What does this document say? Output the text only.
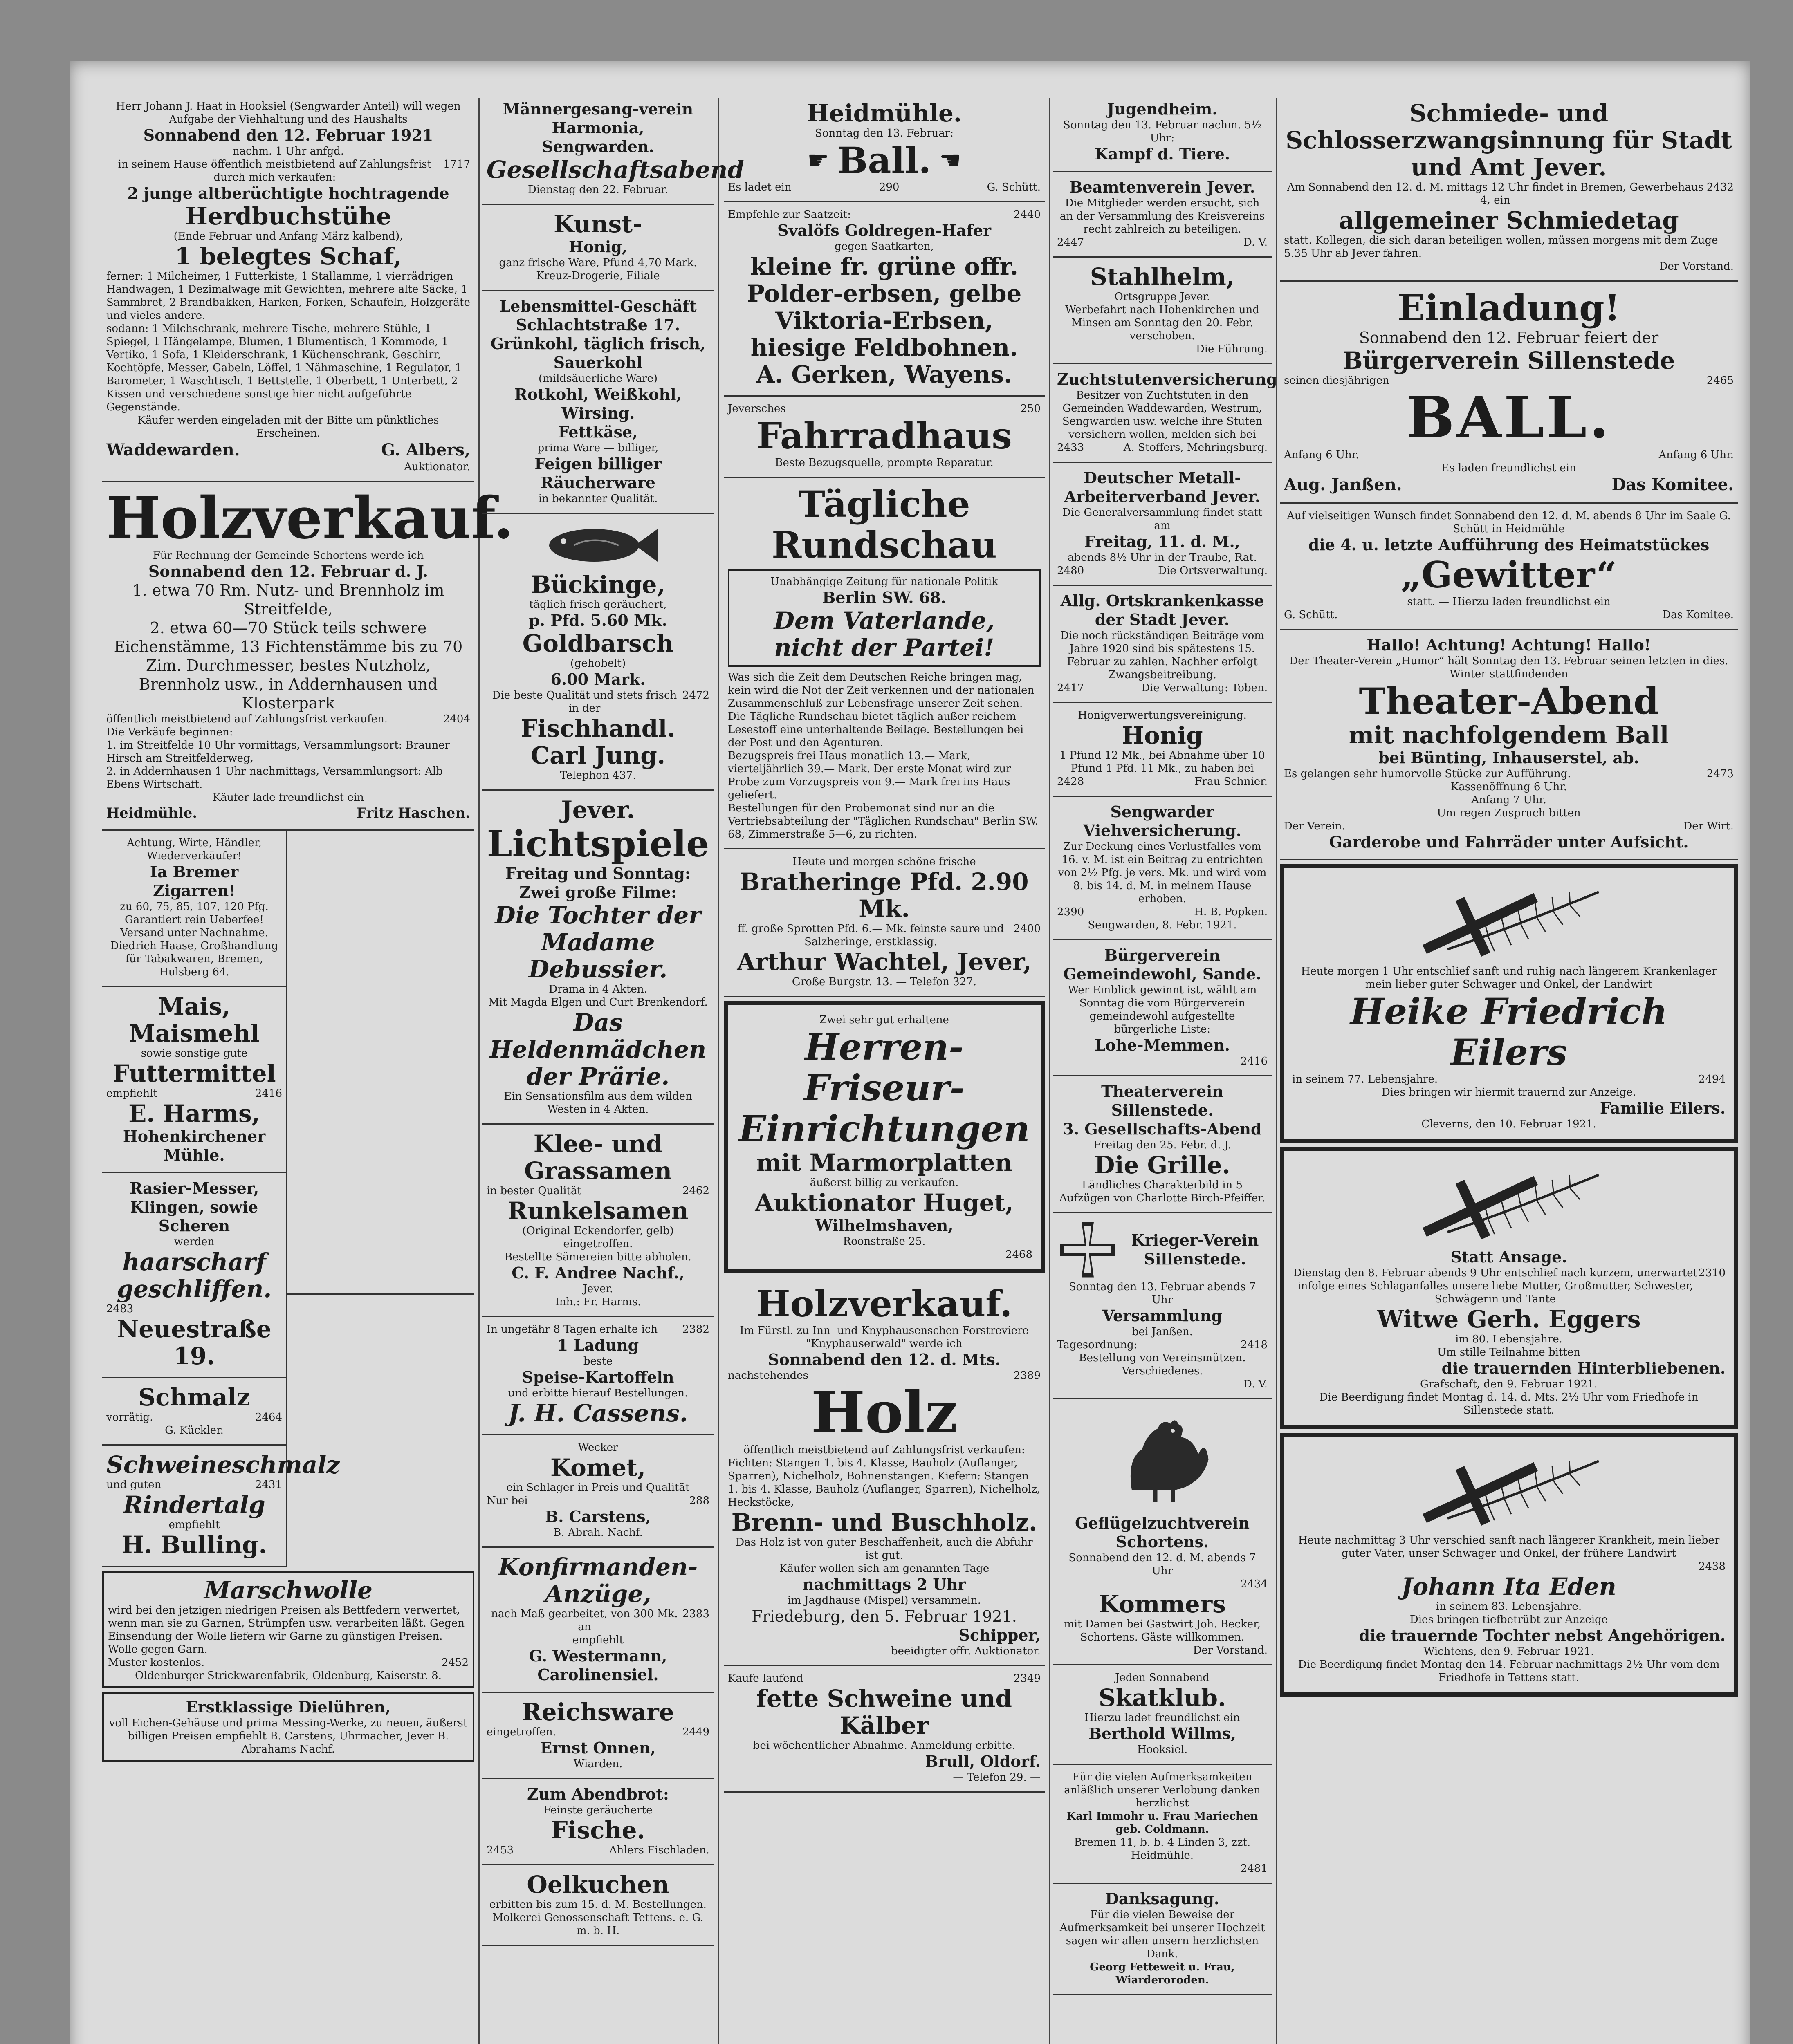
Herr Johann J. Haat in Hooksiel (Sengwarder Anteil) will wegen Aufgabe der Viehhaltung und des Haushalts
Sonnabend den 12. Februar 1921
nachm. 1 Uhr anfgd.
in seinem Hause öffentlich meistbietend auf Zahlungsfrist durch mich verkaufen:
1717
2 junge altberüchtigte hochtragende
Herdbuchstühe
(Ende Februar und Anfang März kalbend),
1 belegtes Schaf,
ferner: 1 Milcheimer, 1 Futterkiste, 1 Stallamme, 1 vierrädrigen Handwagen, 1 Dezimalwage mit Gewichten, mehrere alte Säcke, 1 Sammbret, 2 Brandbakken, Harken, Forken, Schaufeln, Holzgeräte und vieles andere.
sodann: 1 Milchschrank, mehrere Tische, mehrere Stühle, 1 Spiegel, 1 Hängelampe, Blumen, 1 Blumentisch, 1 Kommode, 1 Vertiko, 1 Sofa, 1 Kleiderschrank, 1 Küchenschrank, Geschirr, Kochtöpfe, Messer, Gabeln, Löffel, 1 Nähmaschine, 1 Regulator, 1 Barometer, 1 Waschtisch, 1 Bettstelle, 1 Oberbett, 1 Unterbett, 2 Kissen und verschiedene sonstige hier nicht aufgeführte Gegenstände.
Käufer werden eingeladen mit der Bitte um pünktliches Erscheinen.
Waddewarden.	G. Albers,
Auktionator.
Holzverkauf.
Für Rechnung der Gemeinde Schortens werde ich
Sonnabend den 12. Februar d. J.
1. etwa 70 Rm. Nutz- und Brennholz im Streitfelde,
2. etwa 60—70 Stück teils schwere Eichenstämme, 13 Fichtenstämme bis zu 70 Zim. Durchmesser, bestes Nutzholz, Brennholz usw., in Addernhausen und Klosterpark
öffentlich meistbietend auf Zahlungsfrist verkaufen.	2404
Die Verkäufe beginnen:
1. im Streitfelde 10 Uhr vormittags, Versammlungsort: Brauner Hirsch am Streitfelderweg,
2. in Addernhausen 1 Uhr nachmittags, Versammlungsort: Alb Ebens Wirtschaft.
Käufer lade freundlichst ein
Heidmühle.	Fritz Haschen.
Achtung, Wirte, Händler, Wiederverkäufer!
Ia Bremer Zigarren!
zu 60, 75, 85, 107, 120 Pfg. Garantiert rein Ueberfee! Versand unter Nachnahme.
Diedrich Haase, Großhandlung für Tabakwaren, Bremen, Hulsberg 64.
Mais, Maismehl
sowie sonstige gute
Futtermittel
empfiehlt	2416
E. Harms,
Hohenkirchener Mühle.
Rasier-Messer, Klingen, sowie Scheren
werden
haarscharf geschliffen.
2483
Neuestraße 19.
Schmalz
vorrätig.	2464
G. Kückler.
Schweineschmalz
und guten	2431
Rindertalg
empfiehlt
H. Bulling.
Marschwolle
wird bei den jetzigen niedrigen Preisen als Bettfedern verwertet, wenn man sie zu Garnen, Strümpfen usw. verarbeiten läßt. Gegen Einsendung der Wolle liefern wir Garne zu günstigen Preisen. Wolle gegen Garn.
Muster kostenlos.	2452
Oldenburger Strickwarenfabrik, Oldenburg, Kaiserstr. 8.
Erstklassige Dielühren,
voll Eichen-Gehäuse und prima Messing-Werke, zu neuen, äußerst billigen Preisen empfiehlt B. Carstens, Uhrmacher, Jever B. Abrahams Nachf.
Männergesang-verein Harmonia,
Sengwarden.
Gesellschaftsabend
Dienstag den 22. Februar.
Kunst-
Honig,
ganz frische Ware, Pfund 4,70 Mark. Kreuz-Drogerie, Filiale
Lebensmittel-Geschäft Schlachtstraße 17.
Grünkohl, täglich frisch,
Sauerkohl
(mildsäuerliche Ware)
Rotkohl, Weißkohl, Wirsing.
Fettkäse,
prima Ware — billiger,
Feigen billiger
Räucherware
in bekannter Qualität.
Bückinge,
täglich frisch geräuchert,
p. Pfd. 5.60 Mk.
Goldbarsch
(gehobelt)
6.00 Mark.
Die beste Qualität und stets frisch in der
2472
Fischhandl.
Carl Jung.
Telephon 437.
Jever.
Lichtspiele
Freitag und Sonntag:
Zwei große Filme:
Die Tochter der Madame Debussier.
Drama in 4 Akten.
Mit Magda Elgen und Curt Brenkendorf.
Das Heldenmädchen der Prärie.
Ein Sensationsfilm aus dem wilden Westen in 4 Akten.
Klee- und Grassamen
in bester Qualität	2462
Runkelsamen
(Original Eckendorfer, gelb) eingetroffen.
Bestellte Sämereien bitte abholen.
C. F. Andree Nachf.,
Jever.
Inh.: Fr. Harms.
In ungefähr 8 Tagen erhalte ich 2382
1 Ladung
beste
Speise-Kartoffeln
und erbitte hierauf Bestellungen.
J. H. Cassens.
Wecker
Komet,
ein Schlager in Preis und Qualität
Nur bei	288
B. Carstens,
B. Abrah. Nachf.
Konfirmanden-Anzüge,
nach Maß gearbeitet, von 300 Mk. an
2383
empfiehlt
G. Westermann,
Carolinensiel.
Reichsware
eingetroffen.	2449
Ernst Onnen,
Wiarden.
Zum Abendbrot:
Feinste geräucherte
Fische.
2453	Ahlers Fischladen.
Oelkuchen
erbitten bis zum 15. d. M. Bestellungen.
Molkerei-Genossenschaft Tettens. e. G. m. b. H.
Heidmühle.
Sonntag den 13. Februar:
☛ Ball. ☛
Es ladet ein	290	G. Schütt.
Empfehle zur Saatzeit:	2440
Svalöfs Goldregen-Hafer
gegen Saatkarten,
kleine fr. grüne offr. Polder-erbsen, gelbe Viktoria-Erbsen, hiesige Feldbohnen.
A. Gerken, Wayens.
Jeversches	250
Fahrradhaus
Beste Bezugsquelle, prompte Reparatur.
Tägliche Rundschau
Unabhängige Zeitung für nationale Politik
Berlin SW. 68.
Dem Vaterlande,
nicht der Partei!
Was sich die Zeit dem Deutschen Reiche bringen mag, kein wird die Not der Zeit verkennen und der nationalen Zusammenschluß zur Lebensfrage unserer Zeit sehen. Die Tägliche Rundschau bietet täglich außer reichem Lesestoff eine unterhaltende Beilage. Bestellungen bei der Post und den Agenturen.
Bezugspreis frei Haus monatlich 13.— Mark, vierteljährlich 39.— Mark. Der erste Monat wird zur Probe zum Vorzugspreis von 9.— Mark frei ins Haus geliefert.
Bestellungen für den Probemonat sind nur an die Vertriebsabteilung der "Täglichen Rundschau" Berlin SW. 68, Zimmerstraße 5—6, zu richten.
Heute und morgen schöne frische
Bratheringe Pfd. 2.90 Mk.
ff. große Sprotten Pfd. 6.— Mk. feinste saure und Salzheringe, erstklassig.
2400
Arthur Wachtel, Jever,
Große Burgstr. 13. — Telefon 327.
Zwei sehr gut erhaltene
Herren-Friseur-Einrichtungen
mit Marmorplatten
äußerst billig zu verkaufen.
Auktionator Huget,
Wilhelmshaven,
Roonstraße 25.
2468
Holzverkauf.
Im Fürstl. zu Inn- und Knyphausenschen Forstreviere "Knyphauserwald" werde ich
Sonnabend den 12. d. Mts.
nachstehendes	2389
Holz
öffentlich meistbietend auf Zahlungsfrist verkaufen:
Fichten: Stangen 1. bis 4. Klasse, Bauholz (Auflanger, Sparren), Nichelholz, Bohnenstangen. Kiefern: Stangen 1. bis 4. Klasse, Bauholz (Auflanger, Sparren), Nichelholz, Heckstöcke,
Brenn- und Buschholz.
Das Holz ist von guter Beschaffenheit, auch die Abfuhr ist gut.
Käufer wollen sich am genannten Tage
nachmittags 2 Uhr
im Jagdhause (Mispel) versammeln.
Friedeburg, den 5. Februar 1921.
Schipper,
beeidigter offr. Auktionator.
Kaufe laufend	2349
fette Schweine und Kälber
bei wöchentlicher Abnahme. Anmeldung erbitte.
Brull, Oldorf.
— Telefon 29. —
Jugendheim.
Sonntag den 13. Februar nachm. 5½ Uhr:
Kampf d. Tiere.
Beamtenverein Jever.
Die Mitglieder werden ersucht, sich an der Versammlung des Kreisvereins recht zahlreich zu beteiligen.
2447	D. V.
Stahlhelm,
Ortsgruppe Jever.
Werbefahrt nach Hohenkirchen und Minsen am Sonntag den 20. Febr. verschoben.
Die Führung.
Zuchtstutenversicherung
Besitzer von Zuchtstuten in den Gemeinden Waddewarden, Westrum, Sengwarden usw. welche ihre Stuten versichern wollen, melden sich bei
2433	A. Stoffers, Mehringsburg.
Deutscher Metall-Arbeiterverband Jever.
Die Generalversammlung findet statt am
Freitag, 11. d. M.,
abends 8½ Uhr in der Traube, Rat.
2480	Die Ortsverwaltung.
Allg. Ortskrankenkasse der Stadt Jever.
Die noch rückständigen Beiträge vom Jahre 1920 sind bis spätestens 15. Februar zu zahlen. Nachher erfolgt Zwangsbeitreibung.
2417	Die Verwaltung: Toben.
Honigverwertungsvereinigung.
Honig
1 Pfund 12 Mk., bei Abnahme über 10 Pfund 1 Pfd. 11 Mk., zu haben bei
2428	Frau Schnier.
Sengwarder Viehversicherung.
Zur Deckung eines Verlustfalles vom 16. v. M. ist ein Beitrag zu entrichten von 2½ Pfg. je vers. Mk. und wird vom 8. bis 14. d. M. in meinem Hause erhoben.
2390	H. B. Popken.
Sengwarden, 8. Febr. 1921.
Bürgerverein Gemeindewohl, Sande.
Wer Einblick gewinnt ist, wählt am Sonntag die vom Bürgerverein gemeindewohl aufgestellte bürgerliche Liste:
Lohe-Memmen.
2416
Theaterverein Sillenstede.
3. Gesellschafts-Abend
Freitag den 25. Febr. d. J.
Die Grille.
Ländliches Charakterbild in 5 Aufzügen von Charlotte Birch-Pfeiffer.
Krieger-Verein Sillenstede.
Sonntag den 13. Februar abends 7 Uhr
Versammlung
bei Janßen.
Tagesordnung:	2418
Bestellung von Vereinsmützen. Verschiedenes.
D. V.
Geflügelzuchtverein Schortens.
Sonnabend den 12. d. M. abends 7 Uhr
2434
Kommers
mit Damen bei Gastwirt Joh. Becker, Schortens. Gäste willkommen.
Der Vorstand.
Jeden Sonnabend
Skatklub.
Hierzu ladet freundlichst ein
Berthold Willms,
Hooksiel.
Für die vielen Aufmerksamkeiten anläßlich unserer Verlobung danken herzlichst
Karl Immohr u. Frau Mariechen geb. Coldmann.
Bremen 11, b. b. 4 Linden 3, zzt. Heidmühle.
2481
Danksagung.
Für die vielen Beweise der Aufmerksamkeit bei unserer Hochzeit sagen wir allen unsern herzlichsten Dank.
Georg Fetteweit u. Frau, Wiarderoroden.
Schmiede- und Schlosserzwangsinnung für Stadt und Amt Jever.
Am Sonnabend den 12. d. M. mittags 12 Uhr findet in Bremen, Gewerbehaus 4, ein
2432
allgemeiner Schmiedetag
statt. Kollegen, die sich daran beteiligen wollen, müssen morgens mit dem Zuge 5.35 Uhr ab Jever fahren.
Der Vorstand.
Einladung!
Sonnabend den 12. Februar feiert der
Bürgerverein Sillenstede
seinen diesjährigen	2465
BALL.
Anfang 6 Uhr.	Anfang 6 Uhr.
Es laden freundlichst ein
Aug. Janßen.	Das Komitee.
Auf vielseitigen Wunsch findet Sonnabend den 12. d. M. abends 8 Uhr im Saale G. Schütt in Heidmühle
die 4. u. letzte Aufführung des Heimatstückes
„Gewitter“
statt. — Hierzu laden freundlichst ein
G. Schütt.	Das Komitee.
Hallo! Achtung! Achtung! Hallo!
Der Theater-Verein „Humor“ hält Sonntag den 13. Februar seinen letzten in dies. Winter stattfindenden
Theater-Abend
mit nachfolgendem Ball
bei Bünting, Inhauserstel, ab.
Es gelangen sehr humorvolle Stücke zur Aufführung.	2473
Kassenöffnung 6 Uhr.
Anfang 7 Uhr.
Um regen Zuspruch bitten
Der Verein.	Der Wirt.
Garderobe und Fahrräder unter Aufsicht.
Heute morgen 1 Uhr entschlief sanft und ruhig nach längerem Krankenlager mein lieber guter Schwager und Onkel, der Landwirt
Heike Friedrich Eilers
in seinem 77. Lebensjahre.	2494
Dies bringen wir hiermit trauernd zur Anzeige.
Familie Eilers.
Cleverns, den 10. Februar 1921.
Statt Ansage.
Dienstag den 8. Februar abends 9 Uhr entschlief nach kurzem, unerwartet infolge eines Schlaganfalles unsere liebe Mutter, Großmutter, Schwester, Schwägerin und Tante
2310
Witwe Gerh. Eggers
im 80. Lebensjahre.
Um stille Teilnahme bitten
die trauernden Hinterbliebenen.
Grafschaft, den 9. Februar 1921.
Die Beerdigung findet Montag d. 14. d. Mts. 2½ Uhr vom Friedhofe in Sillenstede statt.
Heute nachmittag 3 Uhr verschied sanft nach längerer Krankheit, mein lieber guter Vater, unser Schwager und Onkel, der frühere Landwirt
2438
Johann Ita Eden
in seinem 83. Lebensjahre.
Dies bringen tiefbetrübt zur Anzeige
die trauernde Tochter nebst Angehörigen.
Wichtens, den 9. Februar 1921.
Die Beerdigung findet Montag den 14. Februar nachmittags 2½ Uhr vom dem Friedhofe in Tettens statt.
